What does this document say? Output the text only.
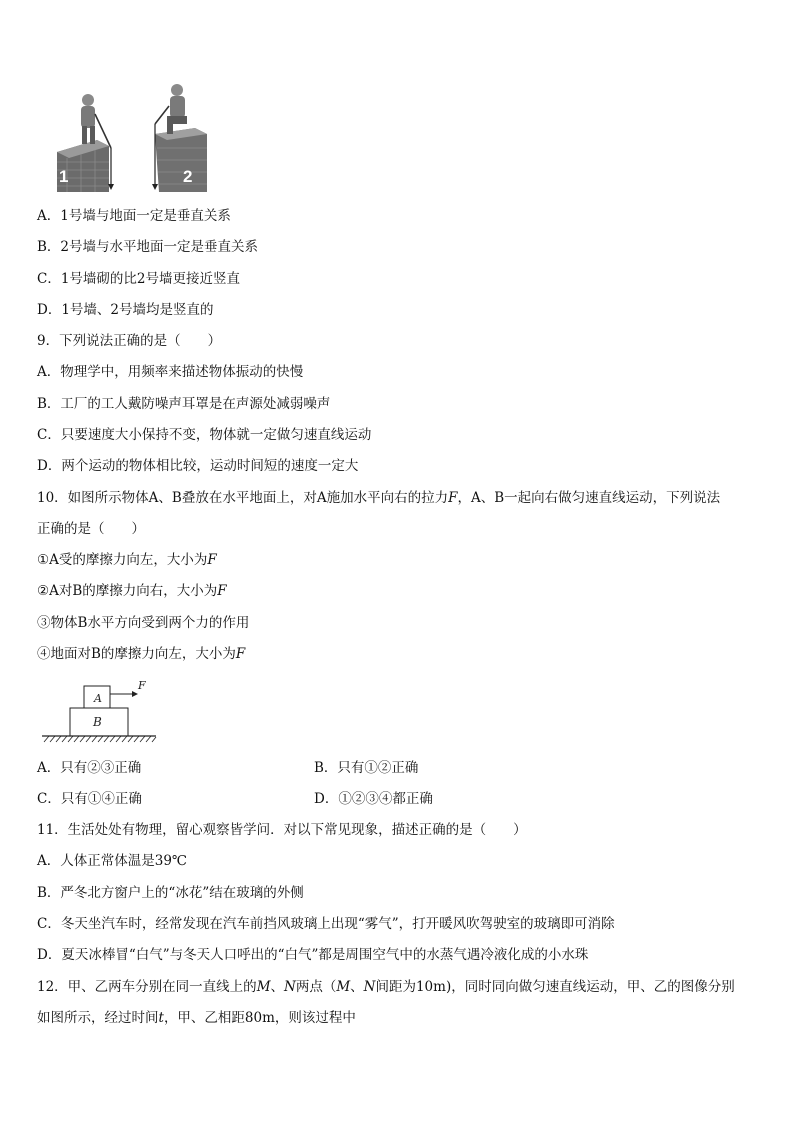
1	2
A．1号墙与地面一定是垂直关系
B．2号墙与水平地面一定是垂直关系
C．1号墙砌的比2号墙更接近竖直
D．1号墙、2号墙均是竖直的
9．下列说法正确的是（　　）
A．物理学中，用频率来描述物体振动的快慢
B．工厂的工人戴防噪声耳罩是在声源处减弱噪声
C．只要速度大小保持不变，物体就一定做匀速直线运动
D．两个运动的物体相比较，运动时间短的速度一定大
10．如图所示物体A、B叠放在水平地面上，对A施加水平向右的拉力F，A、B一起向右做匀速直线运动，下列说法
正确的是（　　）
①A受的摩擦力向左，大小为F
②A对B的摩擦力向右，大小为F
③物体B水平方向受到两个力的作用
④地面对B的摩擦力向左，大小为F
A
B
F
A．只有②③正确	B．只有①②正确
C．只有①④正确	D．①②③④都正确
11．生活处处有物理，留心观察皆学问．对以下常见现象，描述正确的是（　　）
A．人体正常体温是39℃
B．严冬北方窗户上的“冰花”结在玻璃的外侧
C．冬天坐汽车时，经常发现在汽车前挡风玻璃上出现“雾气”，打开暖风吹驾驶室的玻璃即可消除
D．夏天冰棒冒“白气”与冬天人口呼出的“白气”都是周围空气中的水蒸气遇冷液化成的小水珠
12．甲、乙两车分别在同一直线上的M、N两点（M、N间距为10m)，同时同向做匀速直线运动，甲、乙的图像分别
如图所示，经过时间t，甲、乙相距80m，则该过程中
